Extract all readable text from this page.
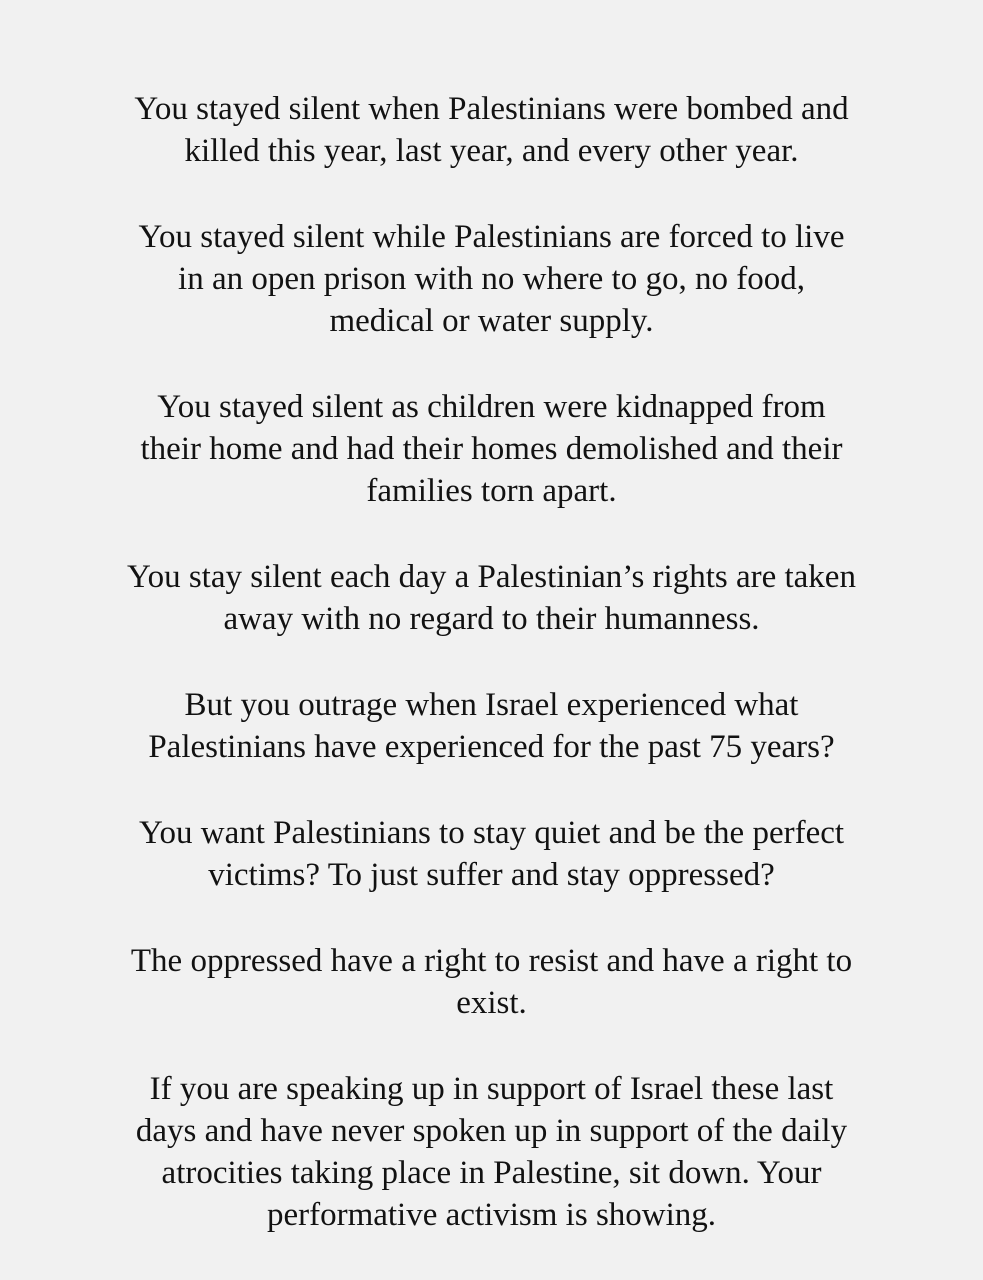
You stayed silent when Palestinians were bombed and
killed this year, last year, and every other year.

You stayed silent while Palestinians are forced to live
in an open prison with no where to go, no food,
medical or water supply.

You stayed silent as children were kidnapped from
their home and had their homes demolished and their
families torn apart.

You stay silent each day a Palestinian’s rights are taken
away with no regard to their humanness.

But you outrage when Israel experienced what
Palestinians have experienced for the past 75 years?

You want Palestinians to stay quiet and be the perfect
victims? To just suffer and stay oppressed?

The oppressed have a right to resist and have a right to
exist.

If you are speaking up in support of Israel these last
days and have never spoken up in support of the daily
atrocities taking place in Palestine, sit down. Your
performative activism is showing.
